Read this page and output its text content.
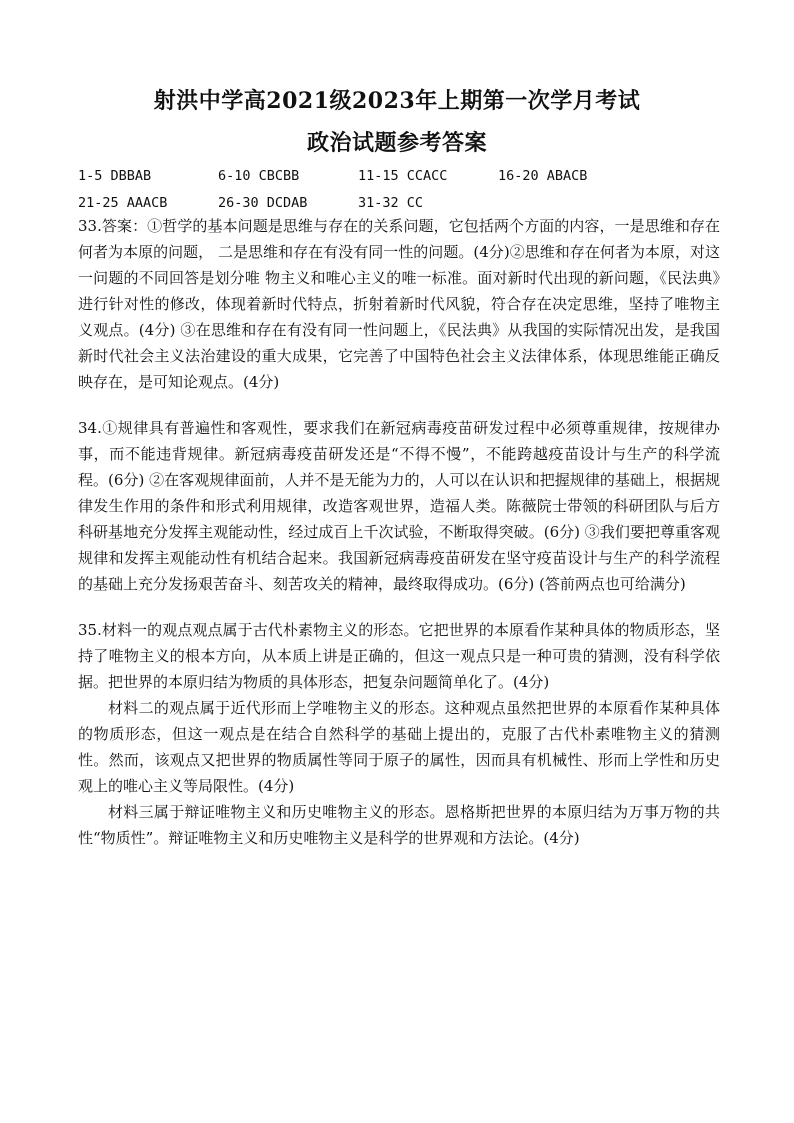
射洪中学高2021级2023年上期第一次学月考试
政治试题参考答案
1-5 DBBAB	6-10 CBCBB	11-15 CCACC	16-20 ABACB
21-25 AAACB	26-30 DCDAB	31-32 CC

33.答案：①哲学的基本问题是思维与存在的关系问题，它包括两个方面的内容，一是思维和存在何者为本原的问题， 二是思维和存在有没有同一性的问题。(4分)②思维和存在何者为本原，对这一问题的不同回答是划分唯 物主义和唯心主义的唯一标准。面对新时代出现的新问题，《民法典》进行针对性的修改，体现着新时代特点，折射着新时代风貌，符合存在决定思维，坚持了唯物主义观点。(4分) ③在思维和存在有没有同一性问题上，《民法典》从我国的实际情况出发，是我国新时代社会主义法治建设的重大成果，它完善了中国特色社会主义法律体系，体现思维能正确反映存在，是可知论观点。(4分)

34.①规律具有普遍性和客观性，要求我们在新冠病毒疫苗研发过程中必须尊重规律，按规律办事，而不能违背规律。新冠病毒疫苗研发还是“不得不慢”，不能跨越疫苗设计与生产的科学流程。(6分) ②在客观规律面前，人并不是无能为力的，人可以在认识和把握规律的基础上，根据规律发生作用的条件和形式利用规律，改造客观世界，造福人类。陈薇院士带领的科研团队与后方科研基地充分发挥主观能动性，经过成百上千次试验，不断取得突破。(6分) ③我们要把尊重客观规律和发挥主观能动性有机结合起来。我国新冠病毒疫苗研发在坚守疫苗设计与生产的科学流程的基础上充分发扬艰苦奋斗、刻苦攻关的精神，最终取得成功。(6分) (答前两点也可给满分)

35.材料一的观点观点属于古代朴素物主义的形态。它把世界的本原看作某种具体的物质形态，坚持了唯物主义的根本方向，从本质上讲是正确的，但这一观点只是一种可贵的猜测，没有科学依据。把世界的本原归结为物质的具体形态，把复杂问题简单化了。(4分)

材料二的观点属于近代形而上学唯物主义的形态。这种观点虽然把世界的本原看作某种具体的物质形态，但这一观点是在结合自然科学的基础上提出的，克服了古代朴素唯物主义的猜测性。然而，该观点又把世界的物质属性等同于原子的属性，因而具有机械性、形而上学性和历史观上的唯心主义等局限性。(4分)

材料三属于辩证唯物主义和历史唯物主义的形态。恩格斯把世界的本原归结为万事万物的共性“物质性”。辩证唯物主义和历史唯物主义是科学的世界观和方法论。(4分)
